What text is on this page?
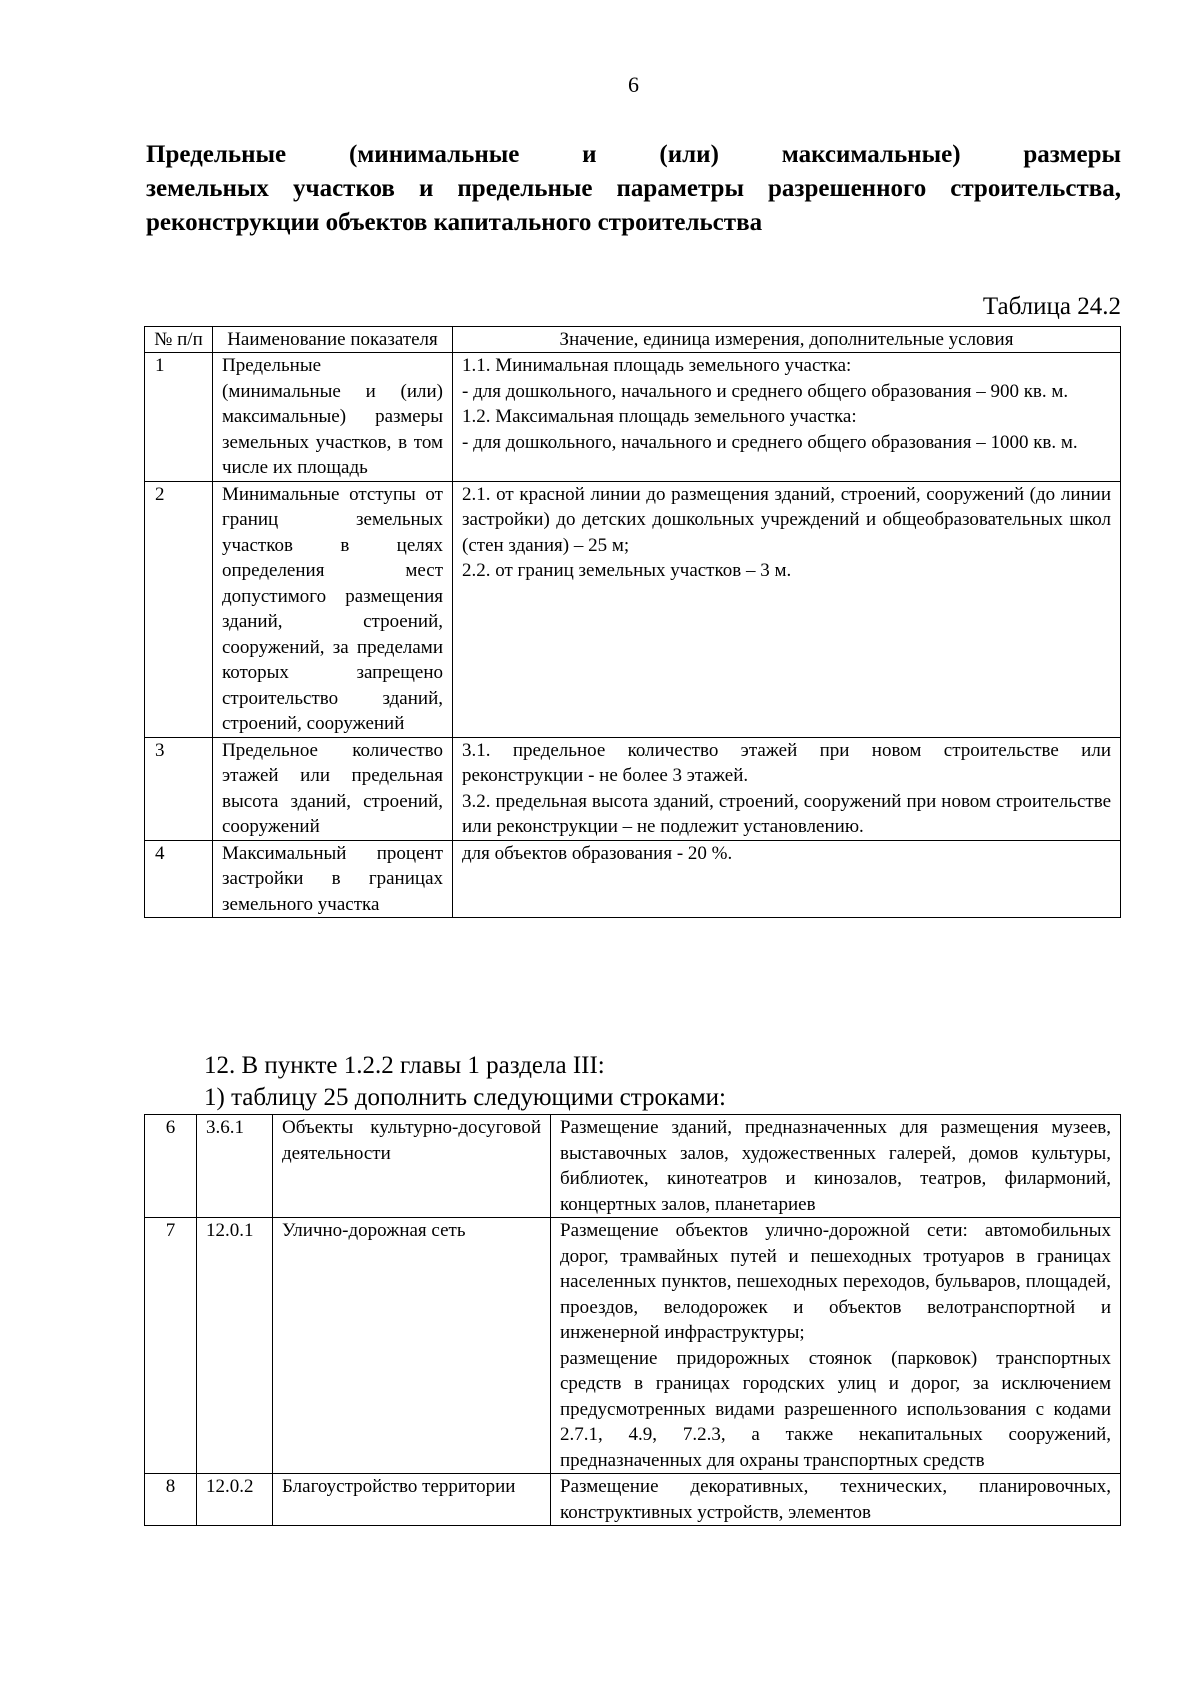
6

Предельные (минимальные и (или) максимальные) размеры
земельных участков и предельные параметры разрешенного строительства, реконструкции объектов капитального строительства

Таблица 24.2
№ п/п	Наименование показателя	Значение, единица измерения, дополнительные условия
1	Предельные (минимальные и (или) максимальные) размеры земельных участков, в том числе их площадь	1.1. Минимальная площадь земельного участка:
- для дошкольного, начального и среднего общего образования – 900 кв. м.
1.2. Максимальная площадь земельного участка:
- для дошкольного, начального и среднего общего образования – 1000 кв. м.

2	Минимальные отступы от границ земельных участков в целях определения мест допустимого размещения зданий, строений, сооружений, за пределами которых запрещено строительство зданий, строений, сооружений	2.1. от красной линии до размещения зданий, строений, сооружений (до линии застройки) до детских дошкольных учреждений и общеобразовательных школ (стен здания) – 25 м;
2.2. от границ земельных участков – 3 м.

3	Предельное количество этажей или предельная высота зданий, строений, сооружений	3.1. предельное количество этажей при новом строительстве или реконструкции - не более 3 этажей.
3.2. предельная высота зданий, строений, сооружений при новом строительстве или реконструкции – не подлежит установлению.

4	Максимальный процент застройки в границах земельного участка	для объектов образования - 20 %.
12. В пункте 1.2.2 главы 1 раздела III:
1) таблицу 25 дополнить следующими строками:
6	3.6.1	Объекты культурно-досуговой деятельности	Размещение зданий, предназначенных для размещения музеев, выставочных залов, художественных галерей, домов культуры, библиотек, кинотеатров и кинозалов, театров, филармоний, концертных залов, планетариев

7	12.0.1	Улично-дорожная сеть	Размещение объектов улично-дорожной сети: автомобильных дорог, трамвайных путей и пешеходных тротуаров в границах населенных пунктов, пешеходных переходов, бульваров, площадей, проездов, велодорожек и объектов велотранспортной и инженерной инфраструктуры;
размещение придорожных стоянок (парковок) транспортных средств в границах городских улиц и дорог, за исключением предусмотренных видами разрешенного использования с кодами 2.7.1, 4.9, 7.2.3, а также некапитальных сооружений, предназначенных для охраны транспортных средств

8	12.0.2	Благоустройство территории	Размещение декоративных, технических, планировочных, конструктивных устройств, элементов
